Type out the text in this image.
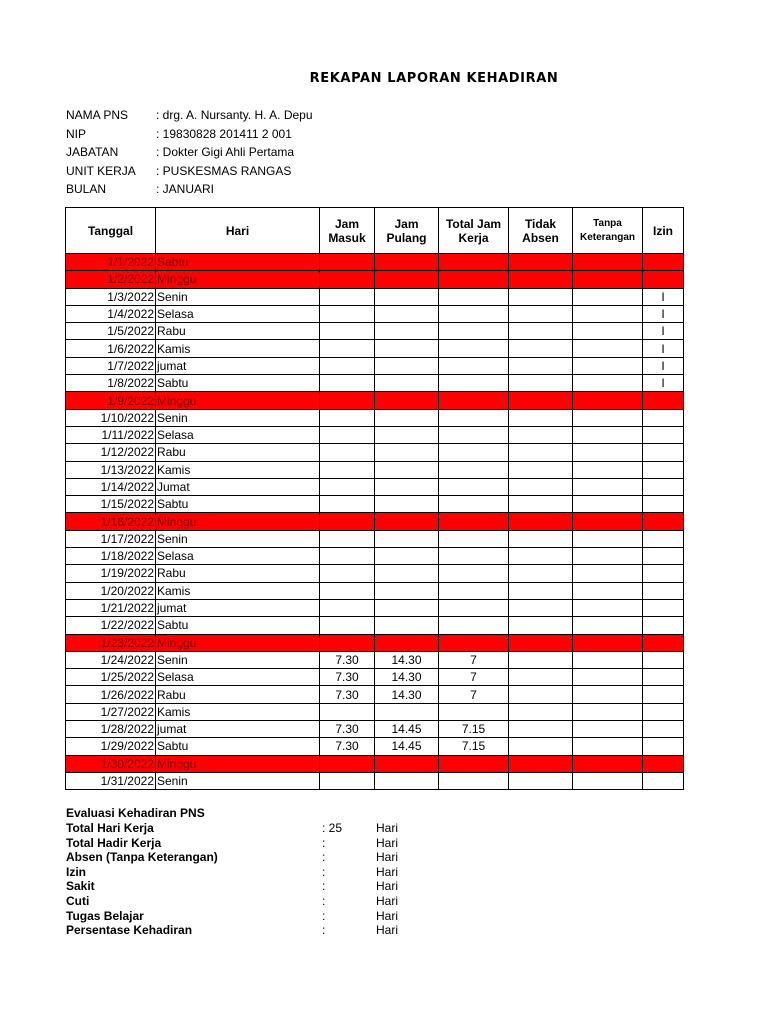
REKAPAN LAPORAN KEHADIRAN
NAMA PNS	: drg. A. Nursanty. H. A. Depu
NIP	: 19830828 201411 2 001
JABATAN	: Dokter Gigi Ahli Pertama
UNIT KERJA	: PUSKESMAS RANGAS
BULAN	: JANUARI
Tanggal	Hari	Jam Masuk	Jam Pulang	Total Jam Kerja	Tidak Absen	Tanpa Keterangan	Izin
1/1/2022	Sabtu						
1/2/2022	Minggu						
1/3/2022	Senin						I
1/4/2022	Selasa						I
1/5/2022	Rabu						I
1/6/2022	Kamis						I
1/7/2022	jumat						I
1/8/2022	Sabtu						I
1/9/2022	Minggu						
1/10/2022	Senin						
1/11/2022	Selasa						
1/12/2022	Rabu						
1/13/2022	Kamis						
1/14/2022	Jumat						
1/15/2022	Sabtu						
1/16/2022	Minggu						
1/17/2022	Senin						
1/18/2022	Selasa						
1/19/2022	Rabu						
1/20/2022	Kamis						
1/21/2022	jumat						
1/22/2022	Sabtu						
1/23/2022	Minggu						
1/24/2022	Senin	7.30	14.30	7			
1/25/2022	Selasa	7.30	14.30	7			
1/26/2022	Rabu	7.30	14.30	7			
1/27/2022	Kamis						
1/28/2022	jumat	7.30	14.45	7.15			
1/29/2022	Sabtu	7.30	14.45	7.15			
1/30/2022	Minggu						
1/31/2022	Senin						
Evaluasi Kehadiran PNS
Total Hari Kerja	: 25	Hari
Total Hadir Kerja	:	Hari
Absen (Tanpa Keterangan)	:	Hari
Izin	:	Hari
Sakit	:	Hari
Cuti	:	Hari
Tugas Belajar	:	Hari
Persentase Kehadiran	:	Hari
